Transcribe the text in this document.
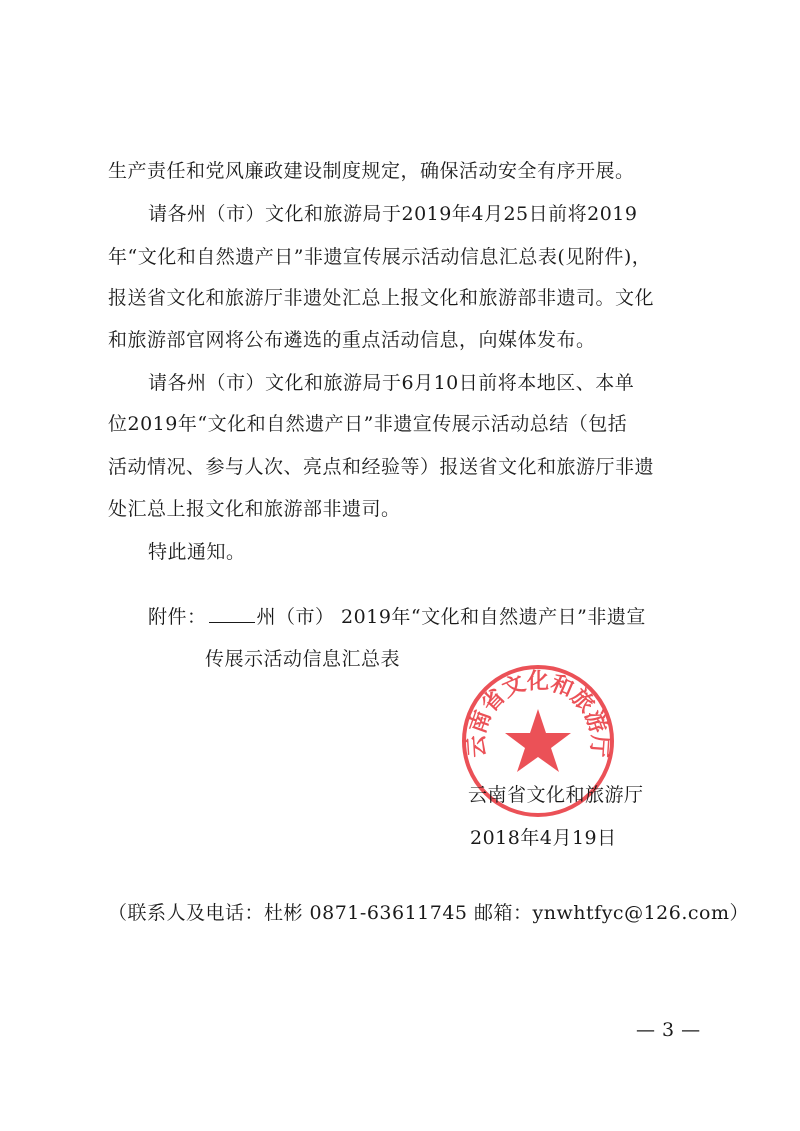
生产责任和党风廉政建设制度规定，确保活动安全有序开展。
请各州（市）文化和旅游局于2019年4月25日前将2019
年“文化和自然遗产日”非遗宣传展示活动信息汇总表(见附件)，
报送省文化和旅游厅非遗处汇总上报文化和旅游部非遗司。文化
和旅游部官网将公布遴选的重点活动信息，向媒体发布。
请各州（市）文化和旅游局于6月10日前将本地区、本单
位2019年“文化和自然遗产日”非遗宣传展示活动总结（包括
活动情况、参与人次、亮点和经验等）报送省文化和旅游厅非遗
处汇总上报文化和旅游部非遗司。
特此通知。
附件：	州（市） 2019年“文化和自然遗产日”非遗宣
传展示活动信息汇总表
云南省文化和旅游厅
云南省文化和旅游厅
2018年4月19日
（联系人及电话：杜彬 0871-63611745 邮箱：ynwhtfyc@126.com）
— 3 —
